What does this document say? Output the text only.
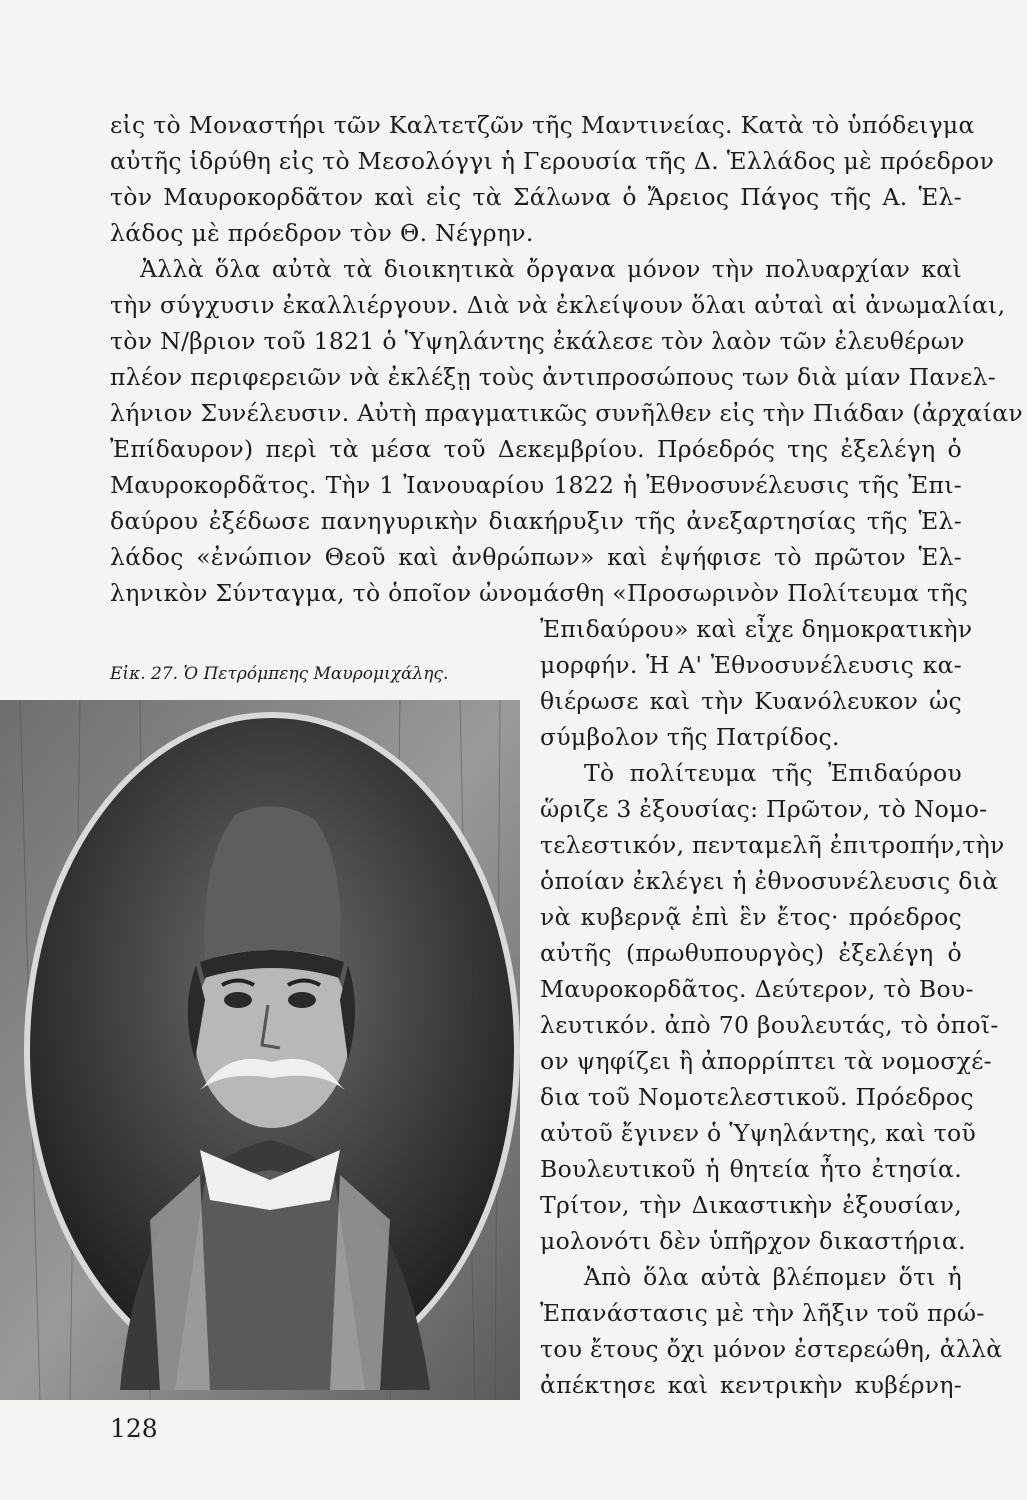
εἰς τὸ Μοναστήρι τῶν Καλτετζῶν τῆς Μαντινείας. Κατὰ τὸ ὑπόδειγμα
αὐτῆς ἱδρύθη εἰς τὸ Μεσολόγγι ἡ Γερουσία τῆς Δ. Ἑλλάδος μὲ πρόεδρον
τὸν Μαυροκορδᾶτον καὶ εἰς τὰ Σάλωνα ὁ Ἄρειος Πάγος τῆς Α. Ἑλ-
λάδος μὲ πρόεδρον τὸν Θ. Νέγρην.
Ἀλλὰ ὅλα αὐτὰ τὰ διοικητικὰ ὄργανα μόνον τὴν πολυαρχίαν καὶ
τὴν σύγχυσιν ἐκαλλιέργουν. Διὰ νὰ ἐκλείψουν ὅλαι αὐταὶ αἱ ἀνωμαλίαι,
τὸν Ν/βριον τοῦ 1821 ὁ Ὑψηλάντης ἐκάλεσε τὸν λαὸν τῶν ἐλευθέρων
πλέον περιφερειῶν νὰ ἐκλέξῃ τοὺς ἀντιπροσώπους των διὰ μίαν Πανελ-
λήνιον Συνέλευσιν. Αὐτὴ πραγματικῶς συνῆλθεν εἰς τὴν Πιάδαν (ἀρχαίαν
Ἐπίδαυρον) περὶ τὰ μέσα τοῦ Δεκεμβρίου. Πρόεδρός της ἐξελέγη ὁ
Μαυροκορδᾶτος. Τὴν 1 Ἰανουαρίου 1822 ἡ Ἐθνοσυνέλευσις τῆς Ἐπι-
δαύρου ἐξέδωσε πανηγυρικὴν διακήρυξιν τῆς ἀνεξαρτησίας τῆς Ἑλ-
λάδος «ἐνώπιον Θεοῦ καὶ ἀνθρώπων» καὶ ἐψήφισε τὸ πρῶτον Ἑλ-
ληνικὸν Σύνταγμα, τὸ ὁποῖον ὠνομάσθη «Προσωρινὸν Πολίτευμα τῆς
Εἰκ. 27. Ὁ Πετρόμπεης Μαυρομιχάλης.
Ἐπιδαύρου» καὶ εἶχε δημοκρατικὴν
μορφήν. Ἡ Α' Ἐθνοσυνέλευσις κα-
θιέρωσε καὶ τὴν Κυανόλευκον ὡς
σύμβολον τῆς Πατρίδος.
Τὸ πολίτευμα τῆς Ἐπιδαύρου
ὥριζε 3 ἐξουσίας: Πρῶτον, τὸ Νομο-
τελεστικόν, πενταμελῆ ἐπιτροπήν,τὴν
ὁποίαν ἐκλέγει ἡ ἐθνοσυνέλευσις διὰ
νὰ κυβερνᾷ ἐπὶ ἓν ἔτος· πρόεδρος
αὐτῆς (πρωθυπουργὸς) ἐξελέγη ὁ
Μαυροκορδᾶτος. Δεύτερον, τὸ Βου-
λευτικόν. ἀπὸ 70 βουλευτάς, τὸ ὁποῖ-
ον ψηφίζει ἢ ἀπορρίπτει τὰ νομοσχέ-
δια τοῦ Νομοτελεστικοῦ. Πρόεδρος
αὐτοῦ ἔγινεν ὁ Ὑψηλάντης, καὶ τοῦ
Βουλευτικοῦ ἡ θητεία ἦτο ἐτησία.
Τρίτον, τὴν Δικαστικὴν ἐξουσίαν,
μολονότι δὲν ὑπῆρχον δικαστήρια.
Ἀπὸ ὅλα αὐτὰ βλέπομεν ὅτι ἡ
Ἐπανάστασις μὲ τὴν λῆξιν τοῦ πρώ-
του ἔτους ὄχι μόνον ἐστερεώθη, ἀλλὰ
ἀπέκτησε καὶ κεντρικὴν κυβέρνη-
128
